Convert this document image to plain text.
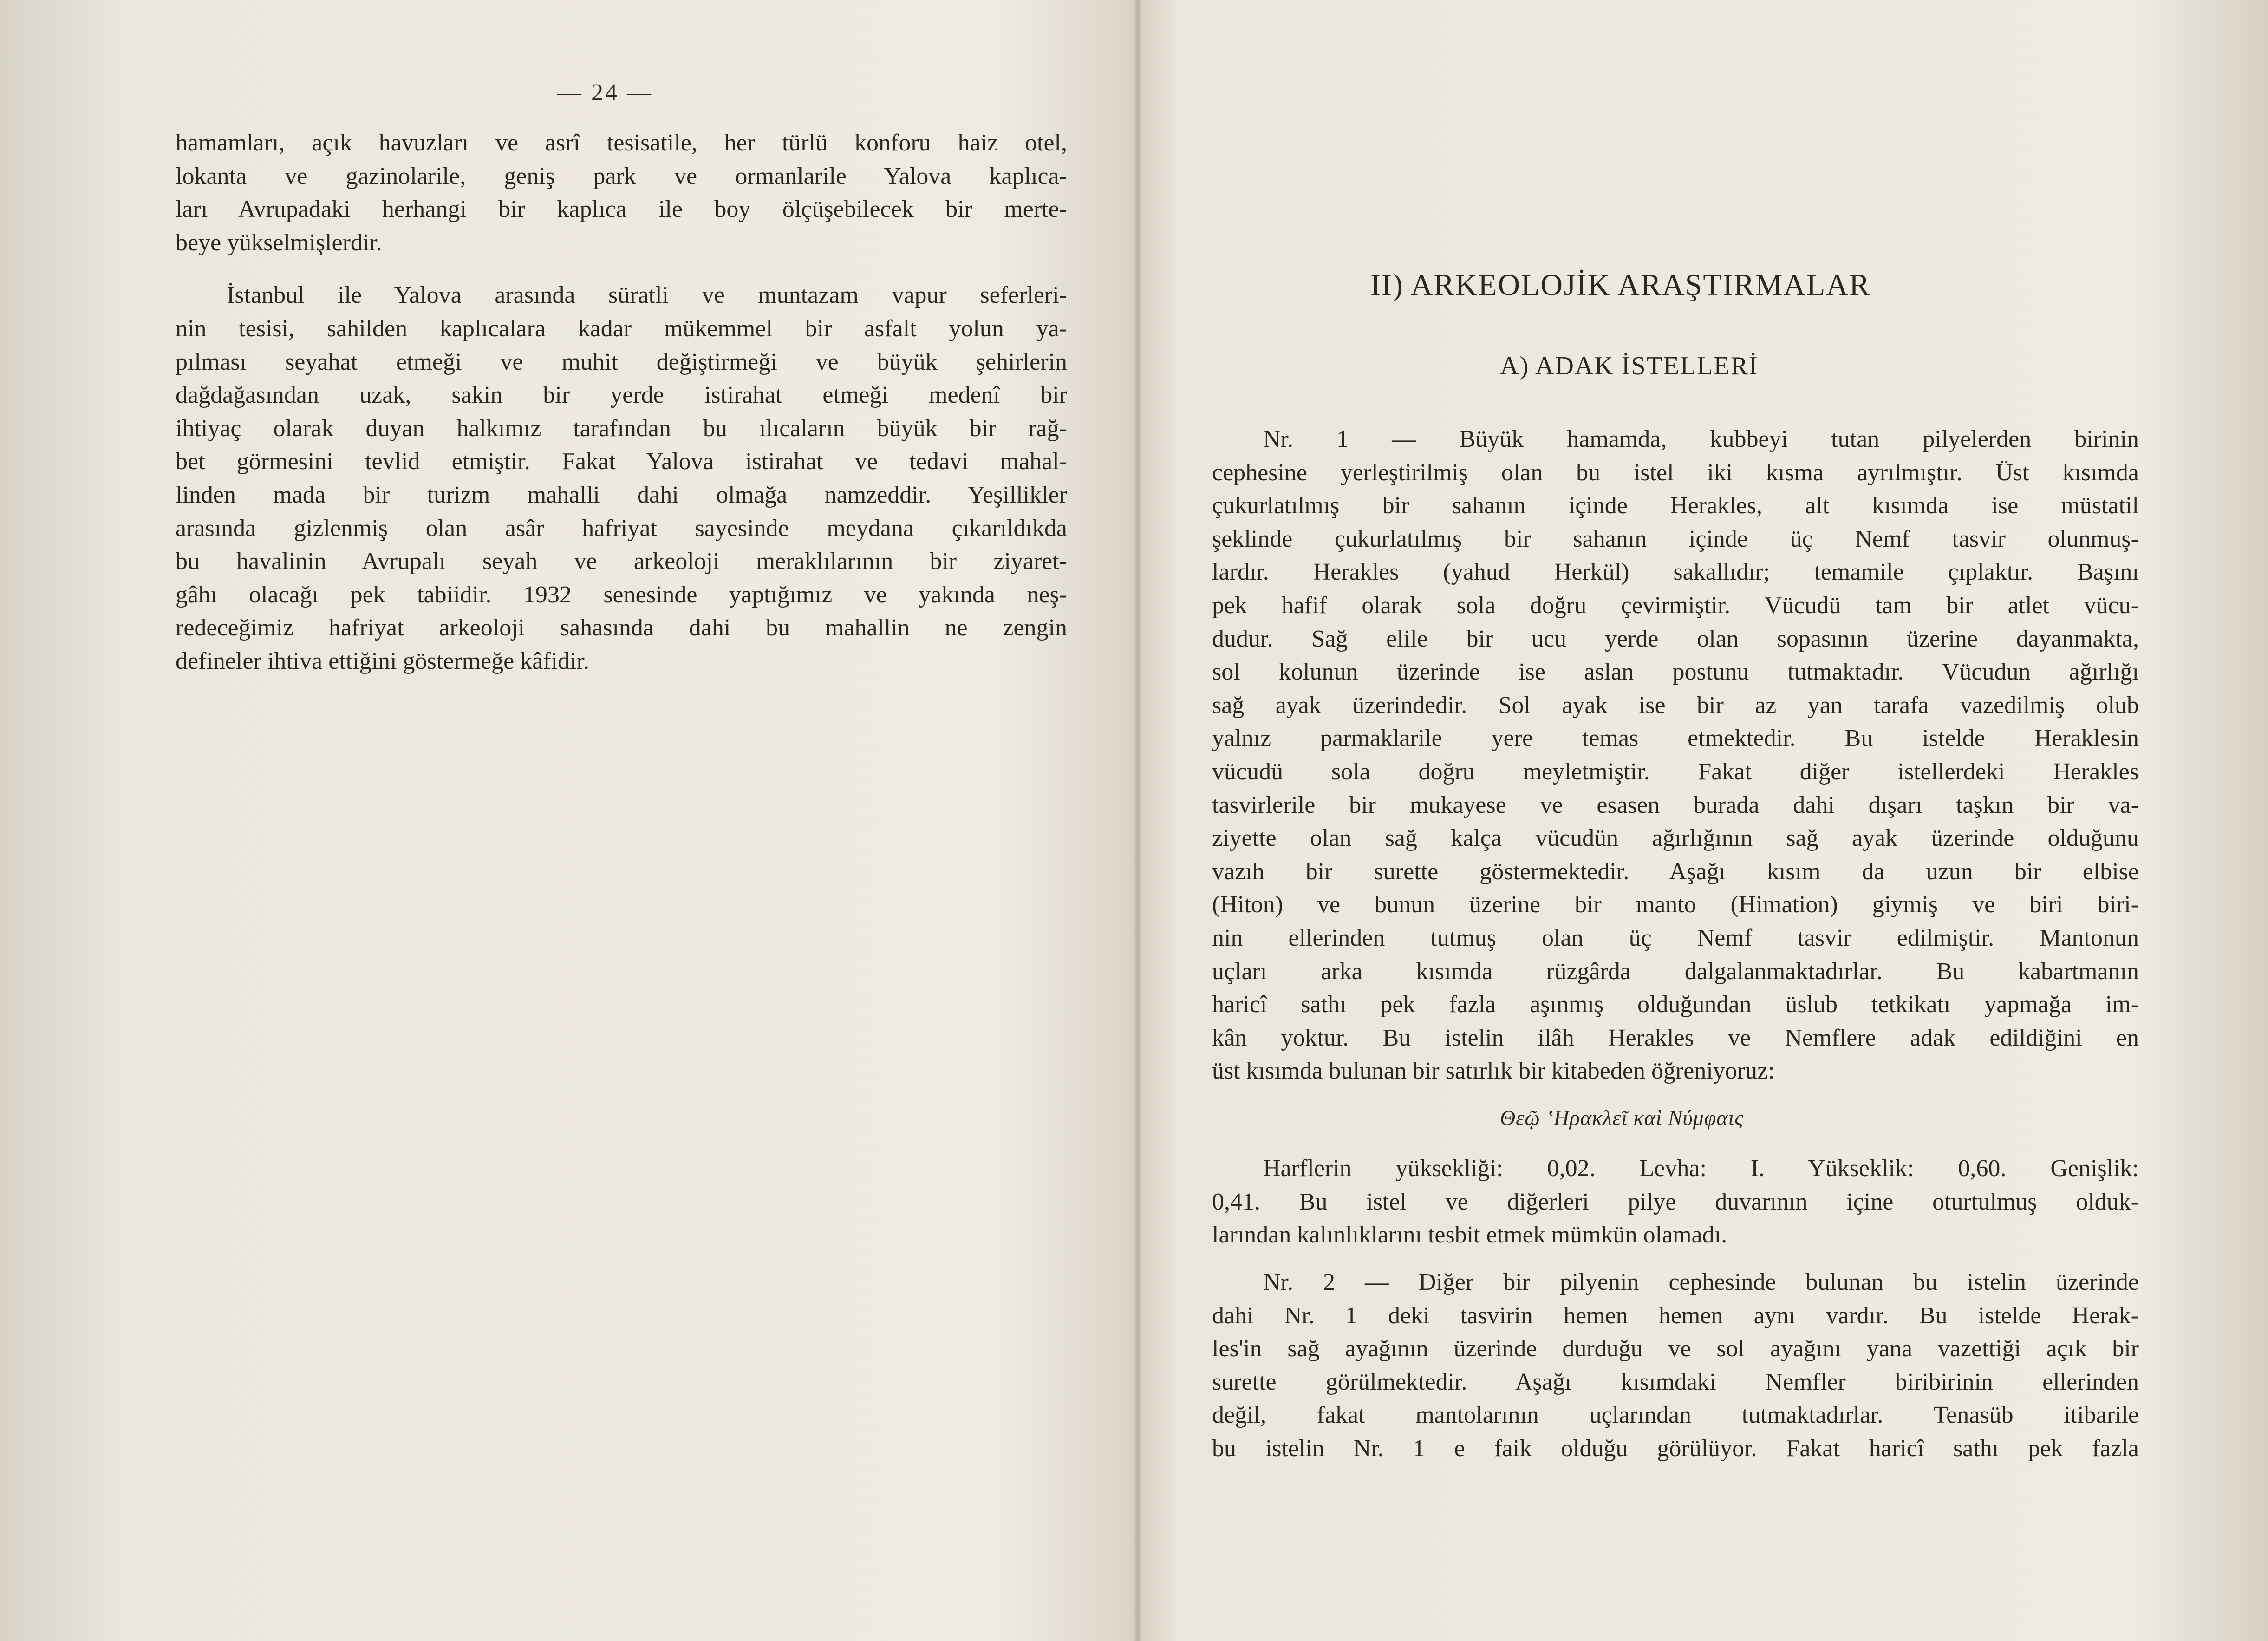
— 24 —

hamamları, açık havuzları ve asrî tesisatile, her türlü konforu haiz otel,
lokanta ve gazinolarile, geniş park ve ormanlarile Yalova kaplıca-
ları Avrupadaki herhangi bir kaplıca ile boy ölçüşebilecek bir merte-
beye yükselmişlerdir.

İstanbul ile Yalova arasında süratli ve muntazam vapur seferleri-
nin tesisi, sahilden kaplıcalara kadar mükemmel bir asfalt yolun ya-
pılması seyahat etmeği ve muhit değiştirmeği ve büyük şehirlerin
dağdağasından uzak, sakin bir yerde istirahat etmeği medenî bir
ihtiyaç olarak duyan halkımız tarafından bu ılıcaların büyük bir rağ-
bet görmesini tevlid etmiştir. Fakat Yalova istirahat ve tedavi mahal-
linden mada bir turizm mahalli dahi olmağa namzeddir. Yeşillikler
arasında gizlenmiş olan asâr hafriyat sayesinde meydana çıkarıldıkda
bu havalinin Avrupalı seyah ve arkeoloji meraklılarının bir ziyaret-
gâhı olacağı pek tabiidir. 1932 senesinde yaptığımız ve yakında neş-
redeceğimiz hafriyat arkeoloji sahasında dahi bu mahallin ne zengin
defineler ihtiva ettiğini göstermeğe kâfidir.

II) ARKEOLOJİK ARAŞTIRMALAR
A) ADAK İSTELLERİ

Nr. 1 — Büyük hamamda, kubbeyi tutan pilyelerden birinin
cephesine yerleştirilmiş olan bu istel iki kısma ayrılmıştır. Üst kısımda
çukurlatılmış bir sahanın içinde Herakles, alt kısımda ise müstatil
şeklinde çukurlatılmış bir sahanın içinde üç Nemf tasvir olunmuş-
lardır. Herakles (yahud Herkül) sakallıdır; temamile çıplaktır. Başını
pek hafif olarak sola doğru çevirmiştir. Vücudü tam bir atlet vücu-
dudur. Sağ elile bir ucu yerde olan sopasının üzerine dayanmakta,
sol kolunun üzerinde ise aslan postunu tutmaktadır. Vücudun ağırlığı
sağ ayak üzerindedir. Sol ayak ise bir az yan tarafa vazedilmiş olub
yalnız parmaklarile yere temas etmektedir. Bu istelde Heraklesin
vücudü sola doğru meyletmiştir. Fakat diğer istellerdeki Herakles
tasvirlerile bir mukayese ve esasen burada dahi dışarı taşkın bir va-
ziyette olan sağ kalça vücudün ağırlığının sağ ayak üzerinde olduğunu
vazıh bir surette göstermektedir. Aşağı kısım da uzun bir elbise
(Hiton) ve bunun üzerine bir manto (Himation) giymiş ve biri biri-
nin ellerinden tutmuş olan üç Nemf tasvir edilmiştir. Mantonun
uçları arka kısımda rüzgârda dalgalanmaktadırlar. Bu kabartmanın
haricî sathı pek fazla aşınmış olduğundan üslub tetkikatı yapmağa im-
kân yoktur. Bu istelin ilâh Herakles ve Nemflere adak edildiğini en
üst kısımda bulunan bir satırlık bir kitabeden öğreniyoruz:

Θεῷ ʽΗρακλεῖ καὶ Νύμφαις

Harflerin yüksekliği: 0,02. Levha: I. Yükseklik: 0,60. Genişlik:
0,41. Bu istel ve diğerleri pilye duvarının içine oturtulmuş olduk-
larından kalınlıklarını tesbit etmek mümkün olamadı.

Nr. 2 — Diğer bir pilyenin cephesinde bulunan bu istelin üzerinde
dahi Nr. 1 deki tasvirin hemen hemen aynı vardır. Bu istelde Herak-
les'in sağ ayağının üzerinde durduğu ve sol ayağını yana vazettiği açık bir
surette görülmektedir. Aşağı kısımdaki Nemfler biribirinin ellerinden
değil, fakat mantolarının uçlarından tutmaktadırlar. Tenasüb itibarile
bu istelin Nr. 1 e faik olduğu görülüyor. Fakat haricî sathı pek fazla
